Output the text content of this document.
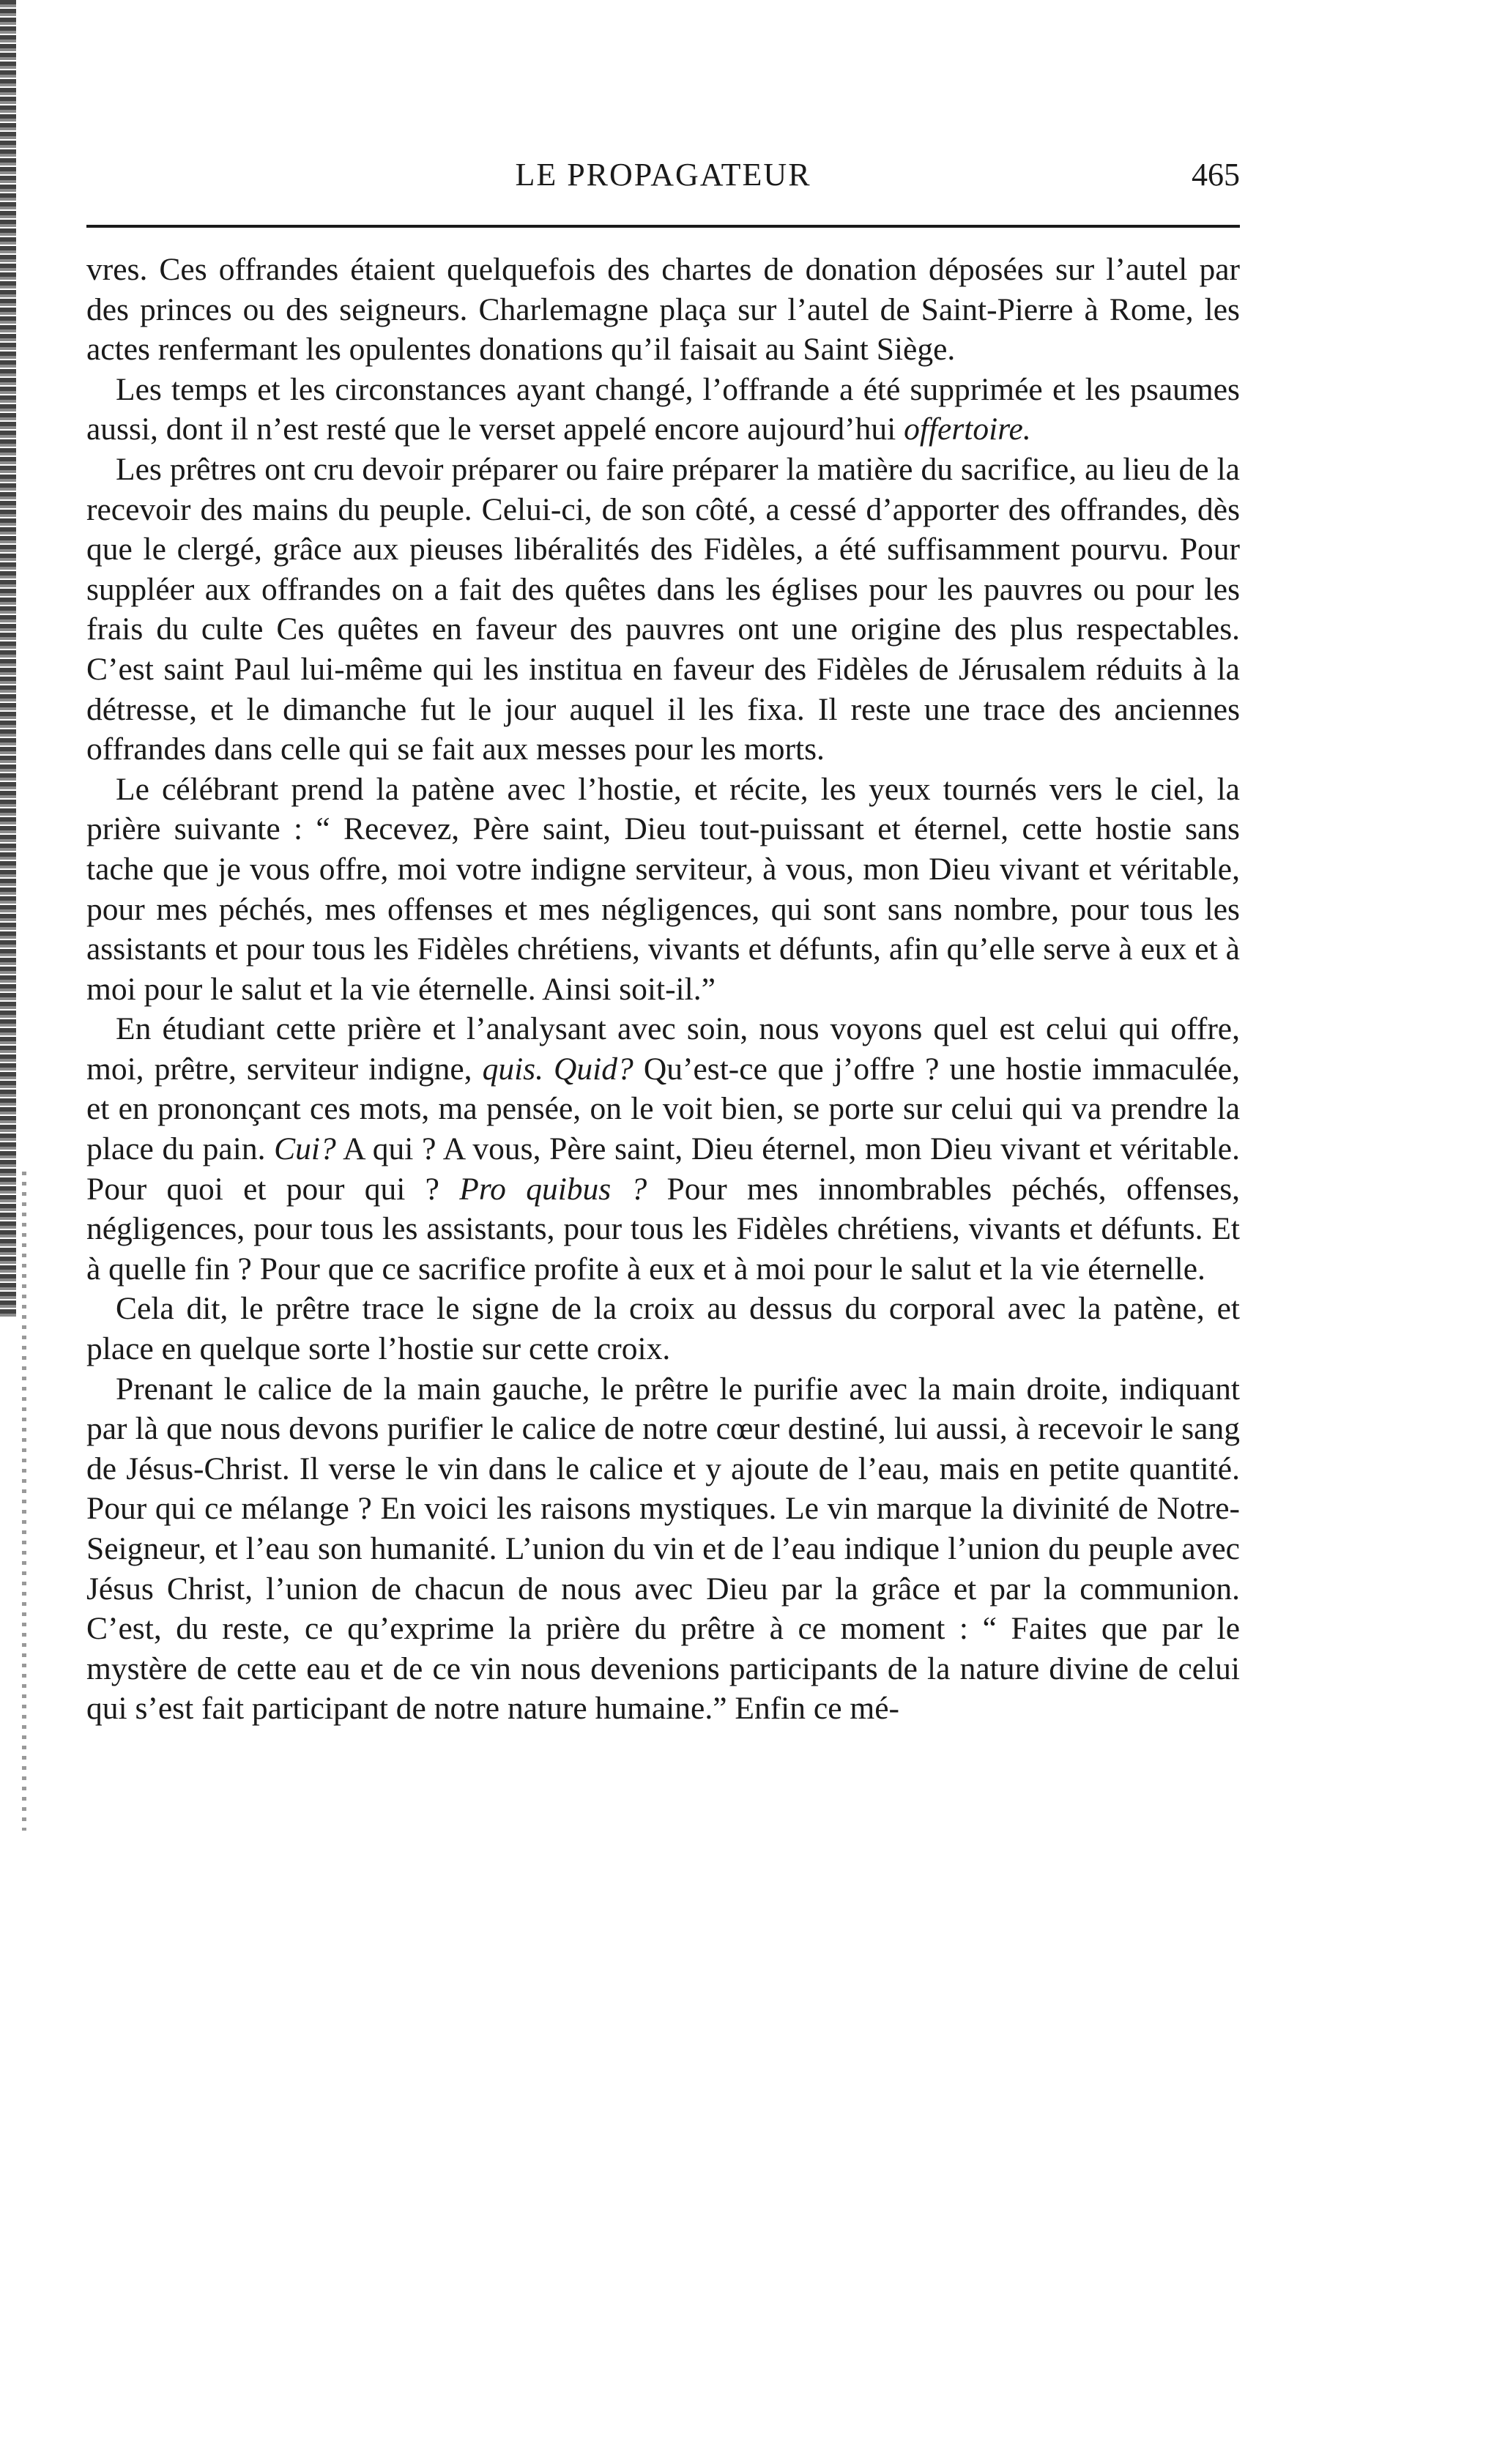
LE PROPAGATEUR	465

vres. Ces offrandes étaient quelquefois des chartes de donation déposées sur l’autel par des princes ou des seigneurs. Charlemagne plaça sur l’autel de Saint-Pierre à Rome, les actes renfermant les opulentes donations qu’il faisait au Saint Siège.

Les temps et les circonstances ayant changé, l’offrande a été supprimée et les psaumes aussi, dont il n’est resté que le verset appelé encore aujourd’hui offertoire.

Les prêtres ont cru devoir préparer ou faire préparer la matière du sacrifice, au lieu de la recevoir des mains du peuple. Celui-ci, de son côté, a cessé d’apporter des offrandes, dès que le clergé, grâce aux pieuses libéralités des Fidèles, a été suffisamment pourvu. Pour suppléer aux offrandes on a fait des quêtes dans les églises pour les pauvres ou pour les frais du culte Ces quêtes en faveur des pauvres ont une origine des plus respectables. C’est saint Paul lui-même qui les institua en faveur des Fidèles de Jérusalem réduits à la détresse, et le dimanche fut le jour auquel il les fixa. Il reste une trace des anciennes offrandes dans celle qui se fait aux messes pour les morts.

Le célébrant prend la patène avec l’hostie, et récite, les yeux tournés vers le ciel, la prière suivante : “ Recevez, Père saint, Dieu tout-puissant et éternel, cette hostie sans tache que je vous offre, moi votre indigne serviteur, à vous, mon Dieu vivant et véritable, pour mes péchés, mes offenses et mes négligences, qui sont sans nombre, pour tous les assistants et pour tous les Fidèles chrétiens, vivants et défunts, afin qu’elle serve à eux et à moi pour le salut et la vie éternelle. Ainsi soit-il.”

En étudiant cette prière et l’analysant avec soin, nous voyons quel est celui qui offre, moi, prêtre, serviteur indigne, quis. Quid? Qu’est-ce que j’offre ? une hostie immaculée, et en prononçant ces mots, ma pensée, on le voit bien, se porte sur celui qui va prendre la place du pain. Cui? A qui ? A vous, Père saint, Dieu éternel, mon Dieu vivant et véritable. Pour quoi et pour qui ? Pro quibus ? Pour mes innombrables péchés, offenses, négligences, pour tous les assistants, pour tous les Fidèles chrétiens, vivants et défunts. Et à quelle fin ? Pour que ce sacrifice profite à eux et à moi pour le salut et la vie éternelle.

Cela dit, le prêtre trace le signe de la croix au dessus du corporal avec la patène, et place en quelque sorte l’hostie sur cette croix.

Prenant le calice de la main gauche, le prêtre le purifie avec la main droite, indiquant par là que nous devons purifier le calice de notre cœur destiné, lui aussi, à recevoir le sang de Jésus-Christ. Il verse le vin dans le calice et y ajoute de l’eau, mais en petite quantité. Pour qui ce mélange ? En voici les raisons mystiques. Le vin marque la divinité de Notre-Seigneur, et l’eau son humanité. L’union du vin et de l’eau indique l’union du peuple avec Jésus Christ, l’union de chacun de nous avec Dieu par la grâce et par la communion. C’est, du reste, ce qu’exprime la prière du prêtre à ce moment : “ Faites que par le mystère de cette eau et de ce vin nous devenions participants de la nature divine de celui qui s’est fait participant de notre nature humaine.” Enfin ce mé-
